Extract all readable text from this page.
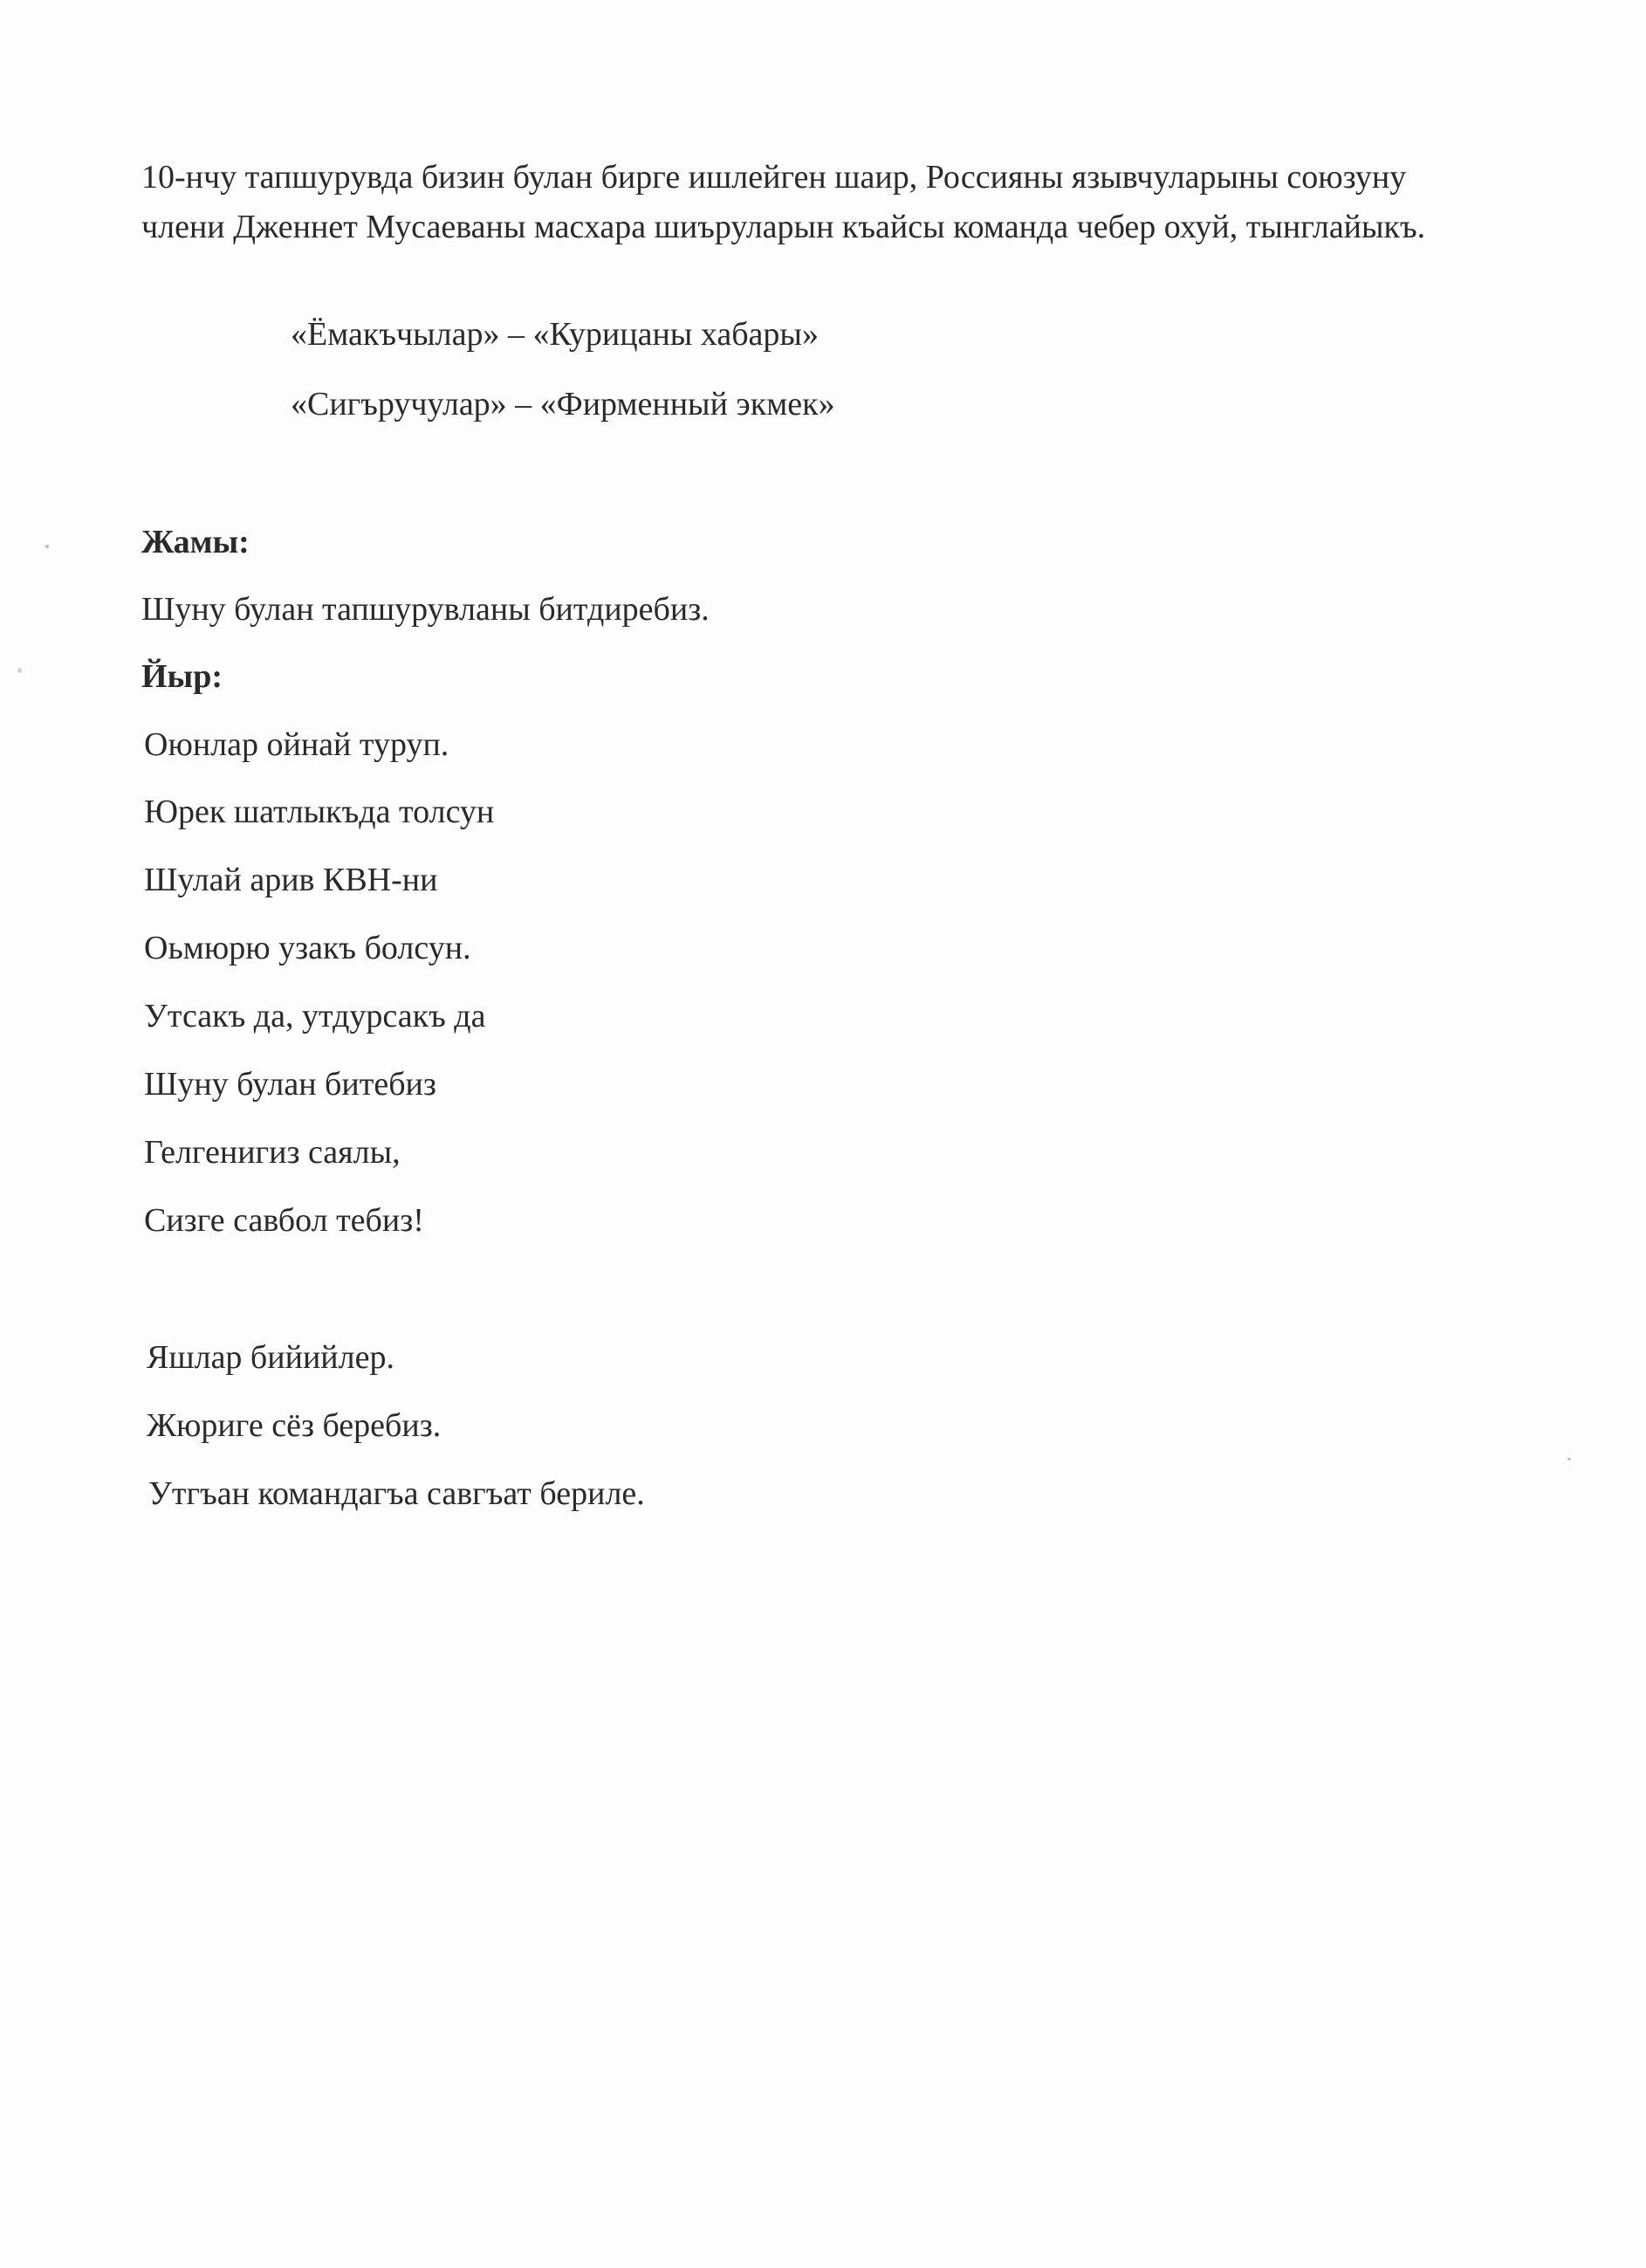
10-нчу тапшурувда бизин булан бирге ишлейген шаир, Россияны язывчуларыны союзуну члени Дженнет Мусаеваны масхара шиъруларын къайсы команда чебер охуй, тынглайыкъ.

«Ёмакъчылар» – «Курицаны хабары»

«Сигъручулар» – «Фирменный экмек»

Жамы:

Шуну булан тапшурувланы битдиребиз.

Йыр:

Оюнлар ойнай туруп.

Юрек шатлыкъда толсун

Шулай арив КВН-ни

Оьмюрю узакъ болсун.

Утсакъ да, утдурсакъ да

Шуну булан битебиз

Гелгенигиз саялы,

Сизге савбол тебиз!

Яшлар бийийлер.

Жюриге сёз беребиз.

Утгъан командагъа савгъат бериле.
